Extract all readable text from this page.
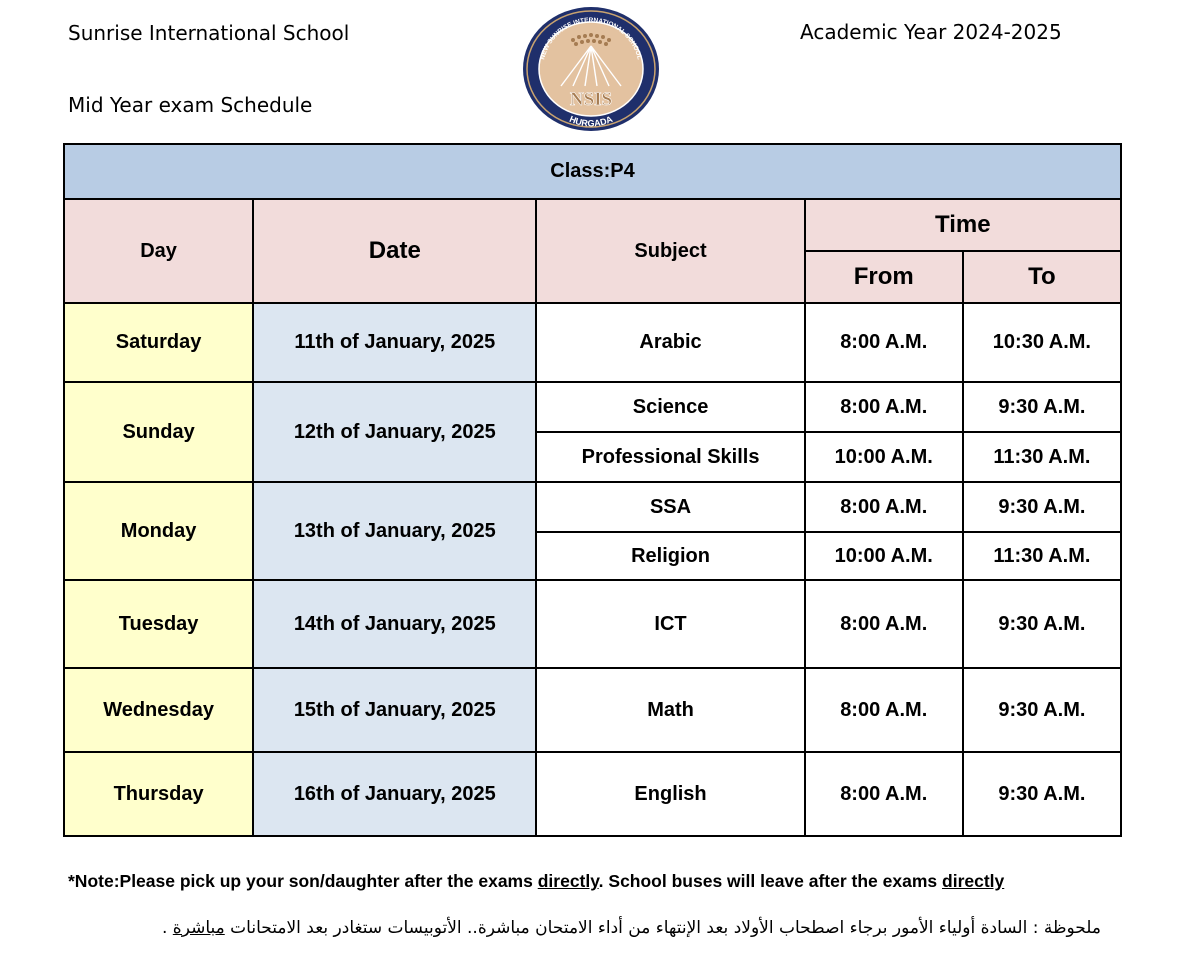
Sunrise International School	Academic Year 2024-2025
Mid Year exam Schedule	NSIS
NEW SUNRISE INTERNATIONAL SCHOOL
HURGADA
Class:P4				
Day	Date	Subject	Time	
			From	To
Saturday	11th of January, 2025	Arabic	8:00 A.M.	10:30 A.M.
Sunday	12th of January, 2025	Science	8:00 A.M.	9:30 A.M.
		Professional Skills	10:00 A.M.	11:30 A.M.
Monday	13th of January, 2025	SSA	8:00 A.M.	9:30 A.M.
		Religion	10:00 A.M.	11:30 A.M.
Tuesday	14th of January, 2025	ICT	8:00 A.M.	9:30 A.M.
Wednesday	15th of January, 2025	Math	8:00 A.M.	9:30 A.M.
Thursday	16th of January, 2025	English	8:00 A.M.	9:30 A.M.
*Note:Please pick up your son/daughter after the exams directly. School buses will leave after the exams directly
ملحوظة : السادة أولياء الأمور برجاء اصطحاب الأولاد بعد الإنتهاء من أداء الامتحان مباشرة.. الأتوبيسات ستغادر بعد الامتحانات مباشرة .
